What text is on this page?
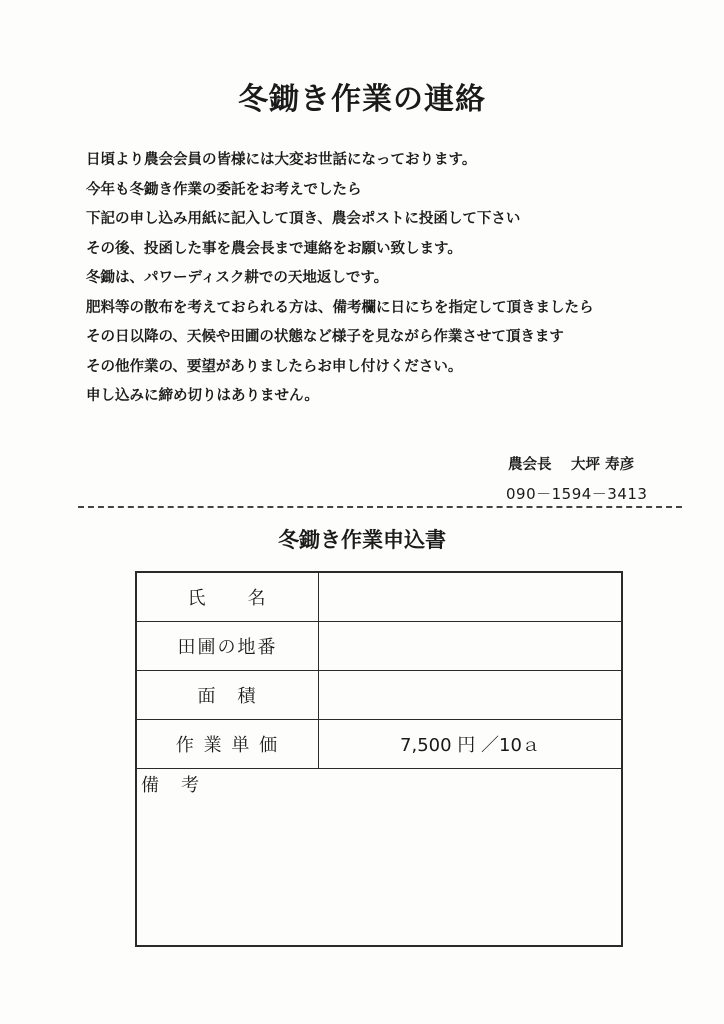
冬鋤き作業の連絡
日頃より農会会員の皆様には大変お世話になっております。
今年も冬鋤き作業の委託をお考えでしたら
下記の申し込み用紙に記入して頂き、農会ポストに投函して下さい
その後、投函した事を農会長まで連絡をお願い致します。
冬鋤は、パワーディスク耕での天地返しです。
肥料等の散布を考えておられる方は、備考欄に日にちを指定して頂きましたら
その日以降の、天候や田圃の状態など様子を見ながら作業させて頂きます
その他作業の、要望がありましたらお申し付けください。
申し込みに締め切りはありません。
農会長　 大坪 寿彦
090－1594－3413
冬鋤き作業申込書
氏　　名
田圃の地番
面　積
作 業 単 価	7,500 円 ／10ａ
備　考
